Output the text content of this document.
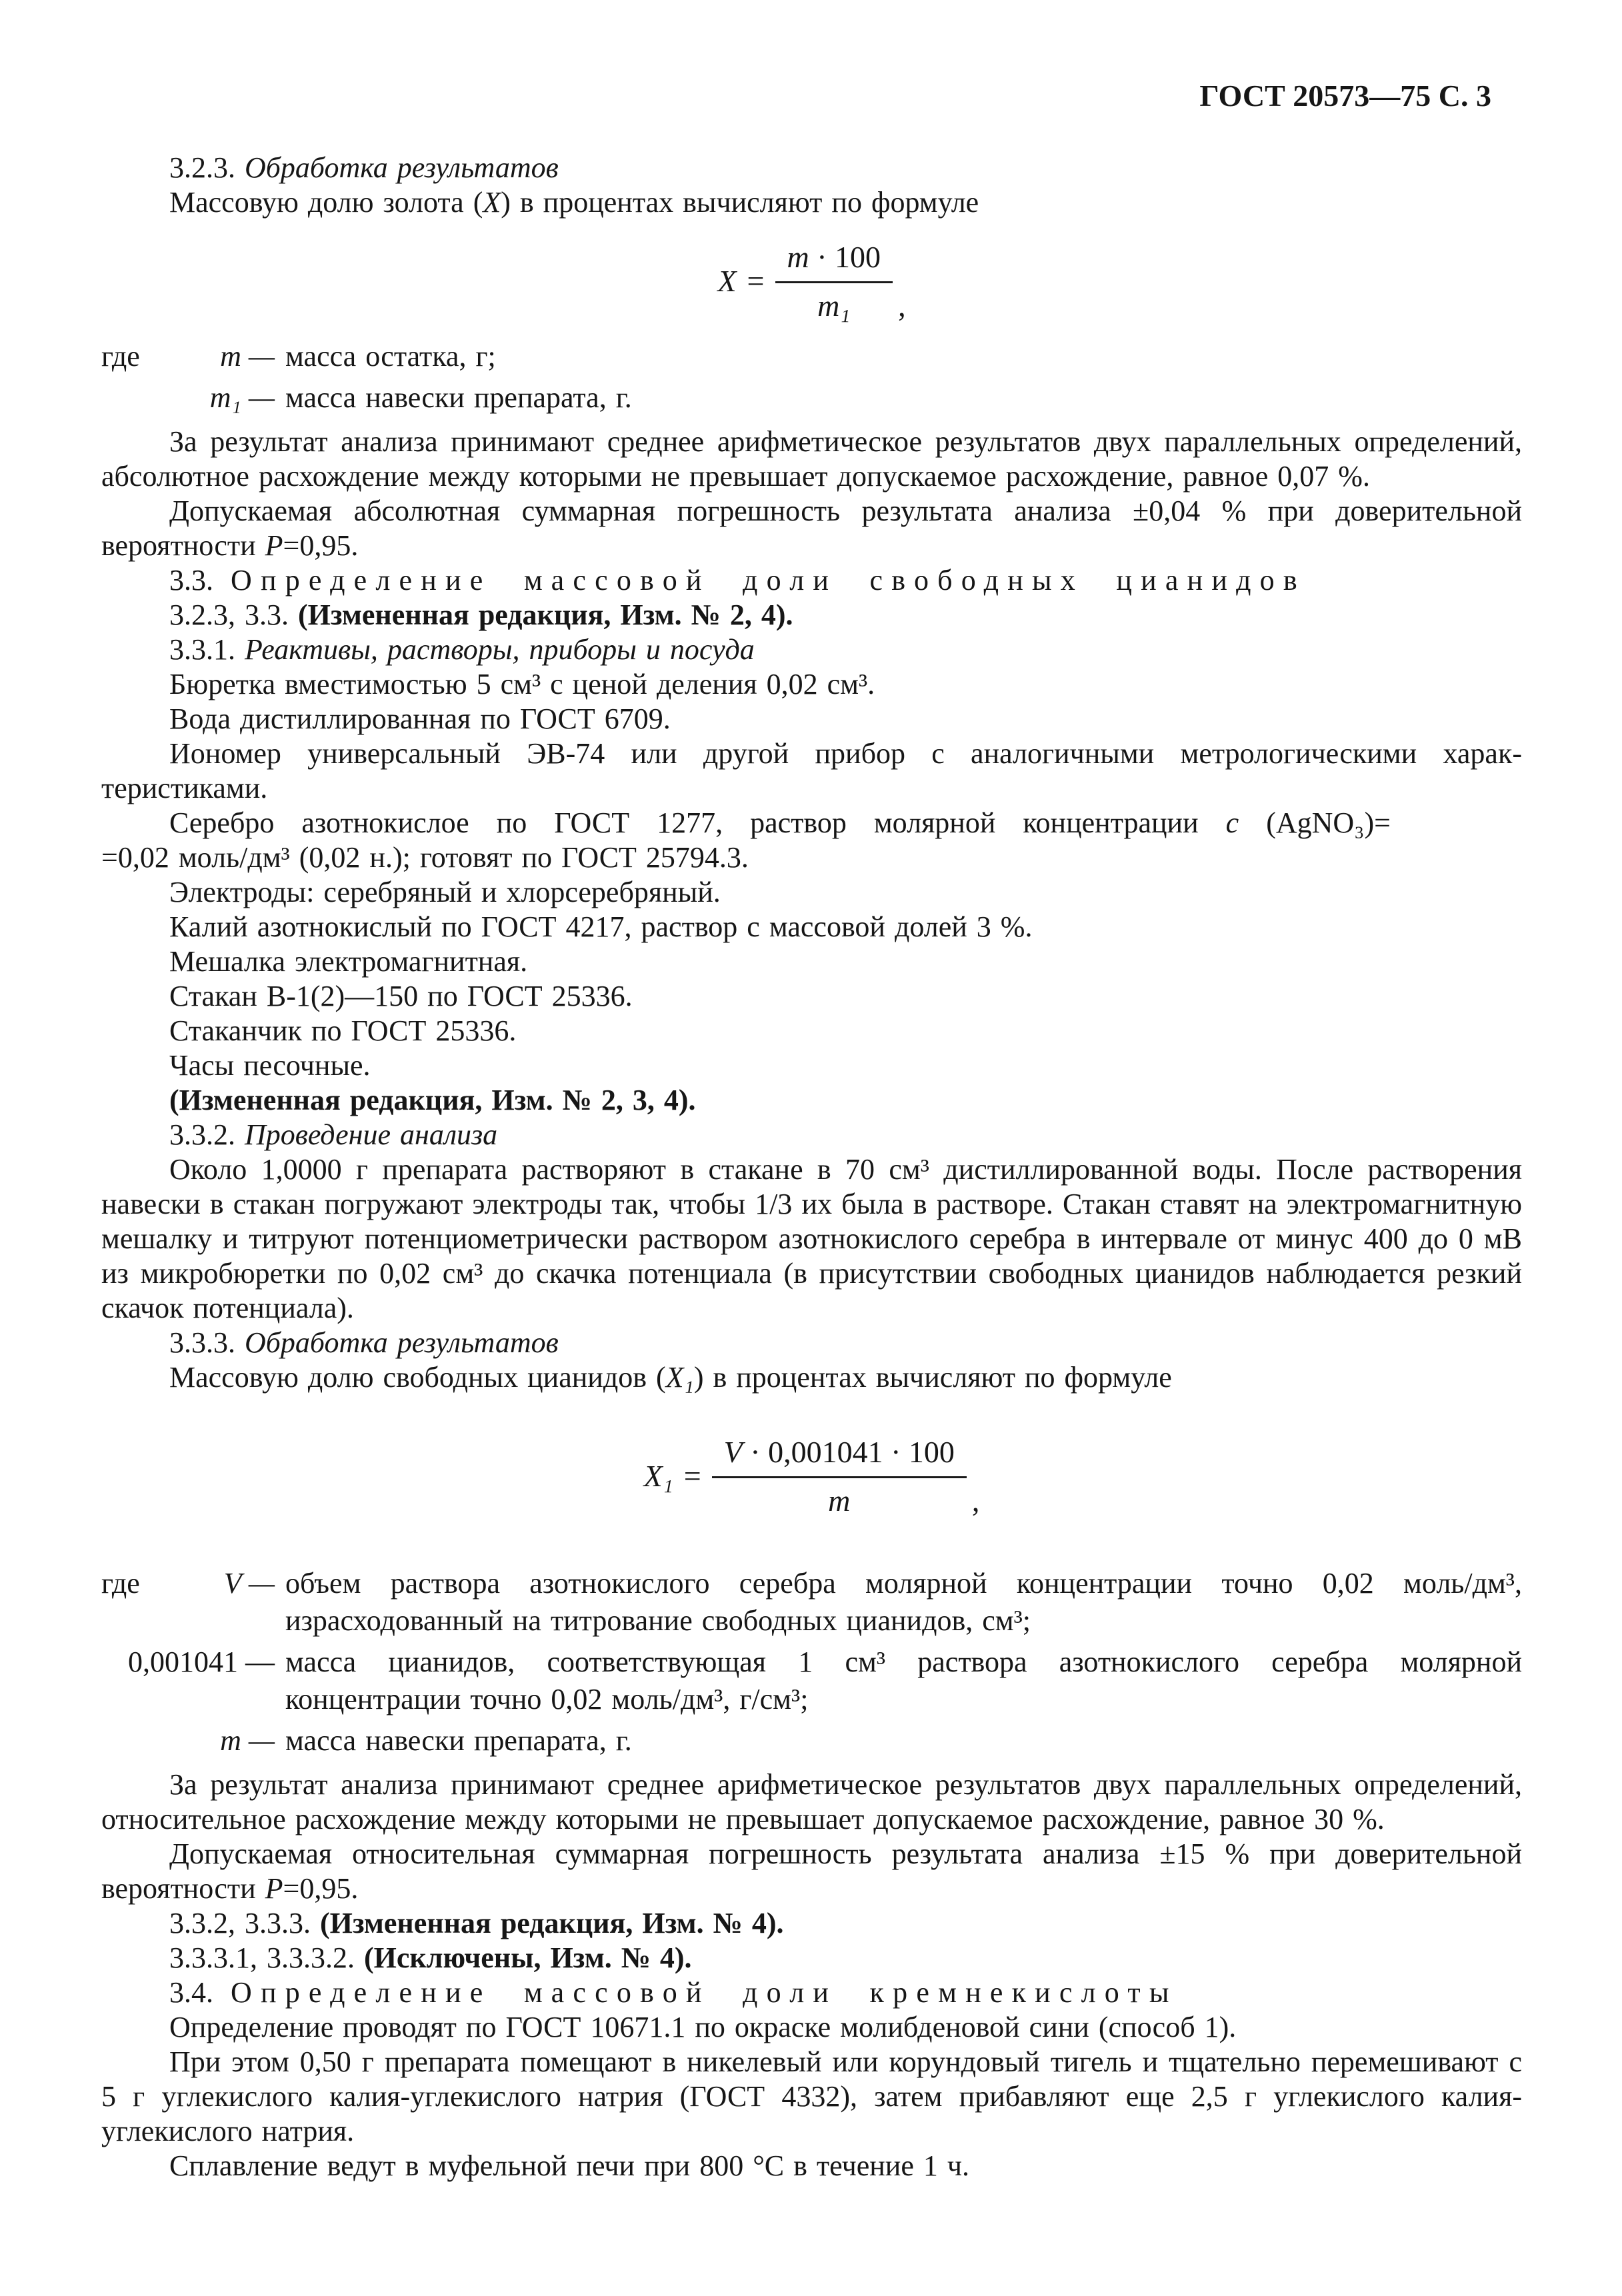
ГОСТ 20573—75 С. 3

3.2.3. Обработка результатов

Массовую долю золота (X) в процентах вычисляют по формуле

$X = \frac{m \cdot 100}{\text{m₁}}$ ,
где	m — масса остатка, г;
m₁ — масса навески препарата, г.

За результат анализа принимают среднее арифметическое результатов двух параллельных определений, абсолютное расхождение между которыми не превышает допускаемое расхождение, равное 0,07 %.

Допускаемая абсолютная суммарная погрешность результата анализа ±0,04 % при доверительной вероятности P=0,95.

3.3. Определение массовой доли свободных цианидов

3.2.3, 3.3. (Измененная редакция, Изм. № 2, 4).

3.3.1. Реактивы, растворы, приборы и посуда

Бюретка вместимостью 5 см³ с ценой деления 0,02 см³.

Вода дистиллированная по ГОСТ 6709.

Иономер универсальный ЭВ-74 или другой прибор с аналогичными метрологическими характеристиками.

Серебро азотнокислое по ГОСТ 1277, раствор молярной концентрации с (AgNO₃)=
=0,02 моль/дм³ (0,02 н.); готовят по ГОСТ 25794.3.

Электроды: серебряный и хлорсеребряный.

Калий азотнокислый по ГОСТ 4217, раствор с массовой долей 3 %.

Мешалка электромагнитная.

Стакан В-1(2)—150 по ГОСТ 25336.

Стаканчик по ГОСТ 25336.

Часы песочные.

(Измененная редакция, Изм. № 2, 3, 4).

3.3.2. Проведение анализа

Около 1,0000 г препарата растворяют в стакане в 70 см³ дистиллированной воды. После растворения навески в стакан погружают электроды так, чтобы 1/3 их была в растворе. Стакан ставят на электромагнитную мешалку и титруют потенциометрически раствором азотнокислого серебра в интервале от минус 400 до 0 мВ из микробюретки по 0,02 см³ до скачка потенциала (в присутствии свободных цианидов наблюдается резкий скачок потенциала).

3.3.3. Обработка результатов

Массовую долю свободных цианидов (X₁) в процентах вычисляют по формуле

$X_1 = \frac{V \cdot 0,001041 \cdot 100}{m}$ ,
где	V — объем раствора азотнокислого серебра молярной концентрации точно 0,02 моль/дм³, израсходованный на титрование свободных цианидов, см³;
0,001041 — масса цианидов, соответствующая 1 см³ раствора азотнокислого серебра молярной концентрации точно 0,02 моль/дм³, г/см³;
m — масса навески препарата, г.

За результат анализа принимают среднее арифметическое результатов двух параллельных определений, относительное расхождение между которыми не превышает допускаемое расхождение, равное 30 %.

Допускаемая относительная суммарная погрешность результата анализа ±15 % при доверительной вероятности P=0,95.

3.3.2, 3.3.3. (Измененная редакция, Изм. № 4).

3.3.3.1, 3.3.3.2. (Исключены, Изм. № 4).

3.4. Определение массовой доли кремнекислоты

Определение проводят по ГОСТ 10671.1 по окраске молибденовой сини (способ 1).

При этом 0,50 г препарата помещают в никелевый или корундовый тигель и тщательно перемешивают с 5 г углекислого калия-углекислого натрия (ГОСТ 4332), затем прибавляют еще 2,5 г углекислого калия-углекислого натрия.

Сплавление ведут в муфельной печи при 800 °С в течение 1 ч.
